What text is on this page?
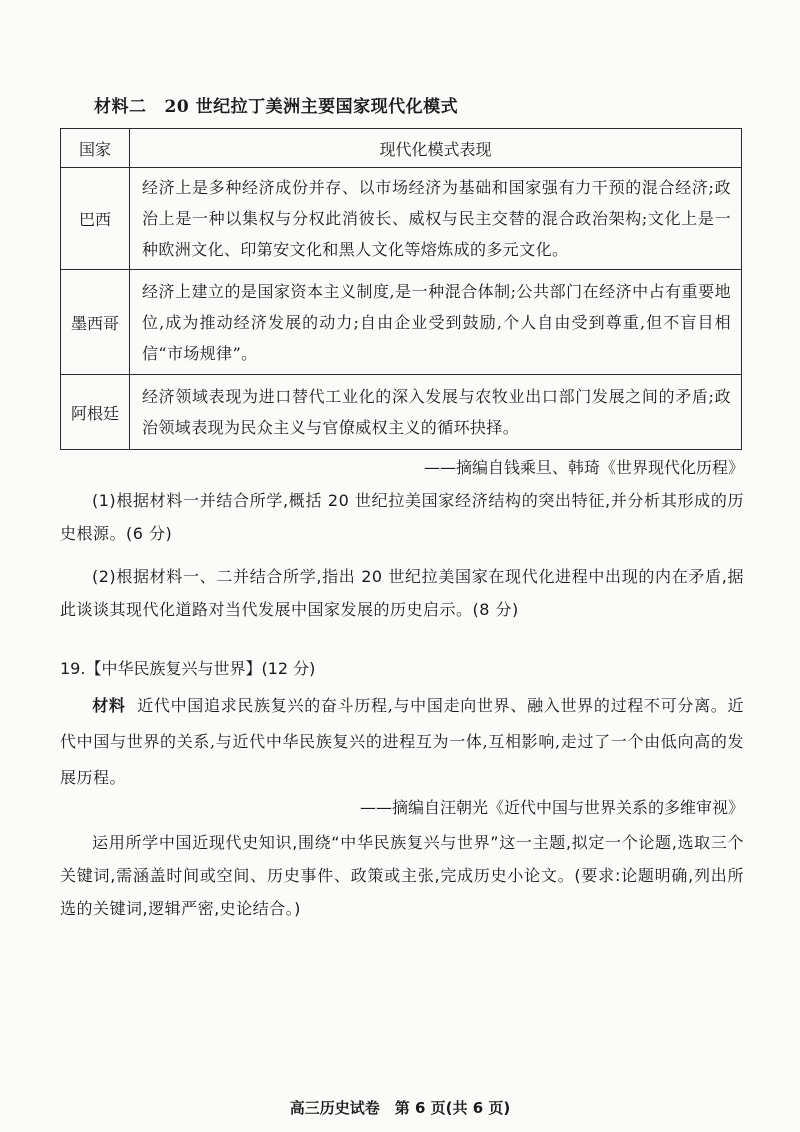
材料二 20 世纪拉丁美洲主要国家现代化模式
国家	现代化模式表现
巴西	经济上是多种经济成份并存、以市场经济为基础和国家强有力干预的混合经济;政治上是一种以集权与分权此消彼长、威权与民主交替的混合政治架构;文化上是一种欧洲文化、印第安文化和黑人文化等熔炼成的多元文化。
墨西哥	经济上建立的是国家资本主义制度,是一种混合体制;公共部门在经济中占有重要地位,成为推动经济发展的动力;自由企业受到鼓励,个人自由受到尊重,但不盲目相信“市场规律”。
阿根廷	经济领域表现为进口替代工业化的深入发展与农牧业出口部门发展之间的矛盾;政治领域表现为民众主义与官僚威权主义的循环抉择。
——摘编自钱乘旦、韩琦《世界现代化历程》
(1)根据材料一并结合所学,概括 20 世纪拉美国家经济结构的突出特征,并分析其形成的历史根源。(6 分)
(2)根据材料一、二并结合所学,指出 20 世纪拉美国家在现代化进程中出现的内在矛盾,据此谈谈其现代化道路对当代发展中国家发展的历史启示。(8 分)
19.【中华民族复兴与世界】(12 分)
材料 近代中国追求民族复兴的奋斗历程,与中国走向世界、融入世界的过程不可分离。近代中国与世界的关系,与近代中华民族复兴的进程互为一体,互相影响,走过了一个由低向高的发展历程。
——摘编自汪朝光《近代中国与世界关系的多维审视》
运用所学中国近现代史知识,围绕“中华民族复兴与世界”这一主题,拟定一个论题,选取三个关键词,需涵盖时间或空间、历史事件、政策或主张,完成历史小论文。(要求:论题明确,列出所选的关键词,逻辑严密,史论结合。)
高三历史试卷　第 6 页(共 6 页)
